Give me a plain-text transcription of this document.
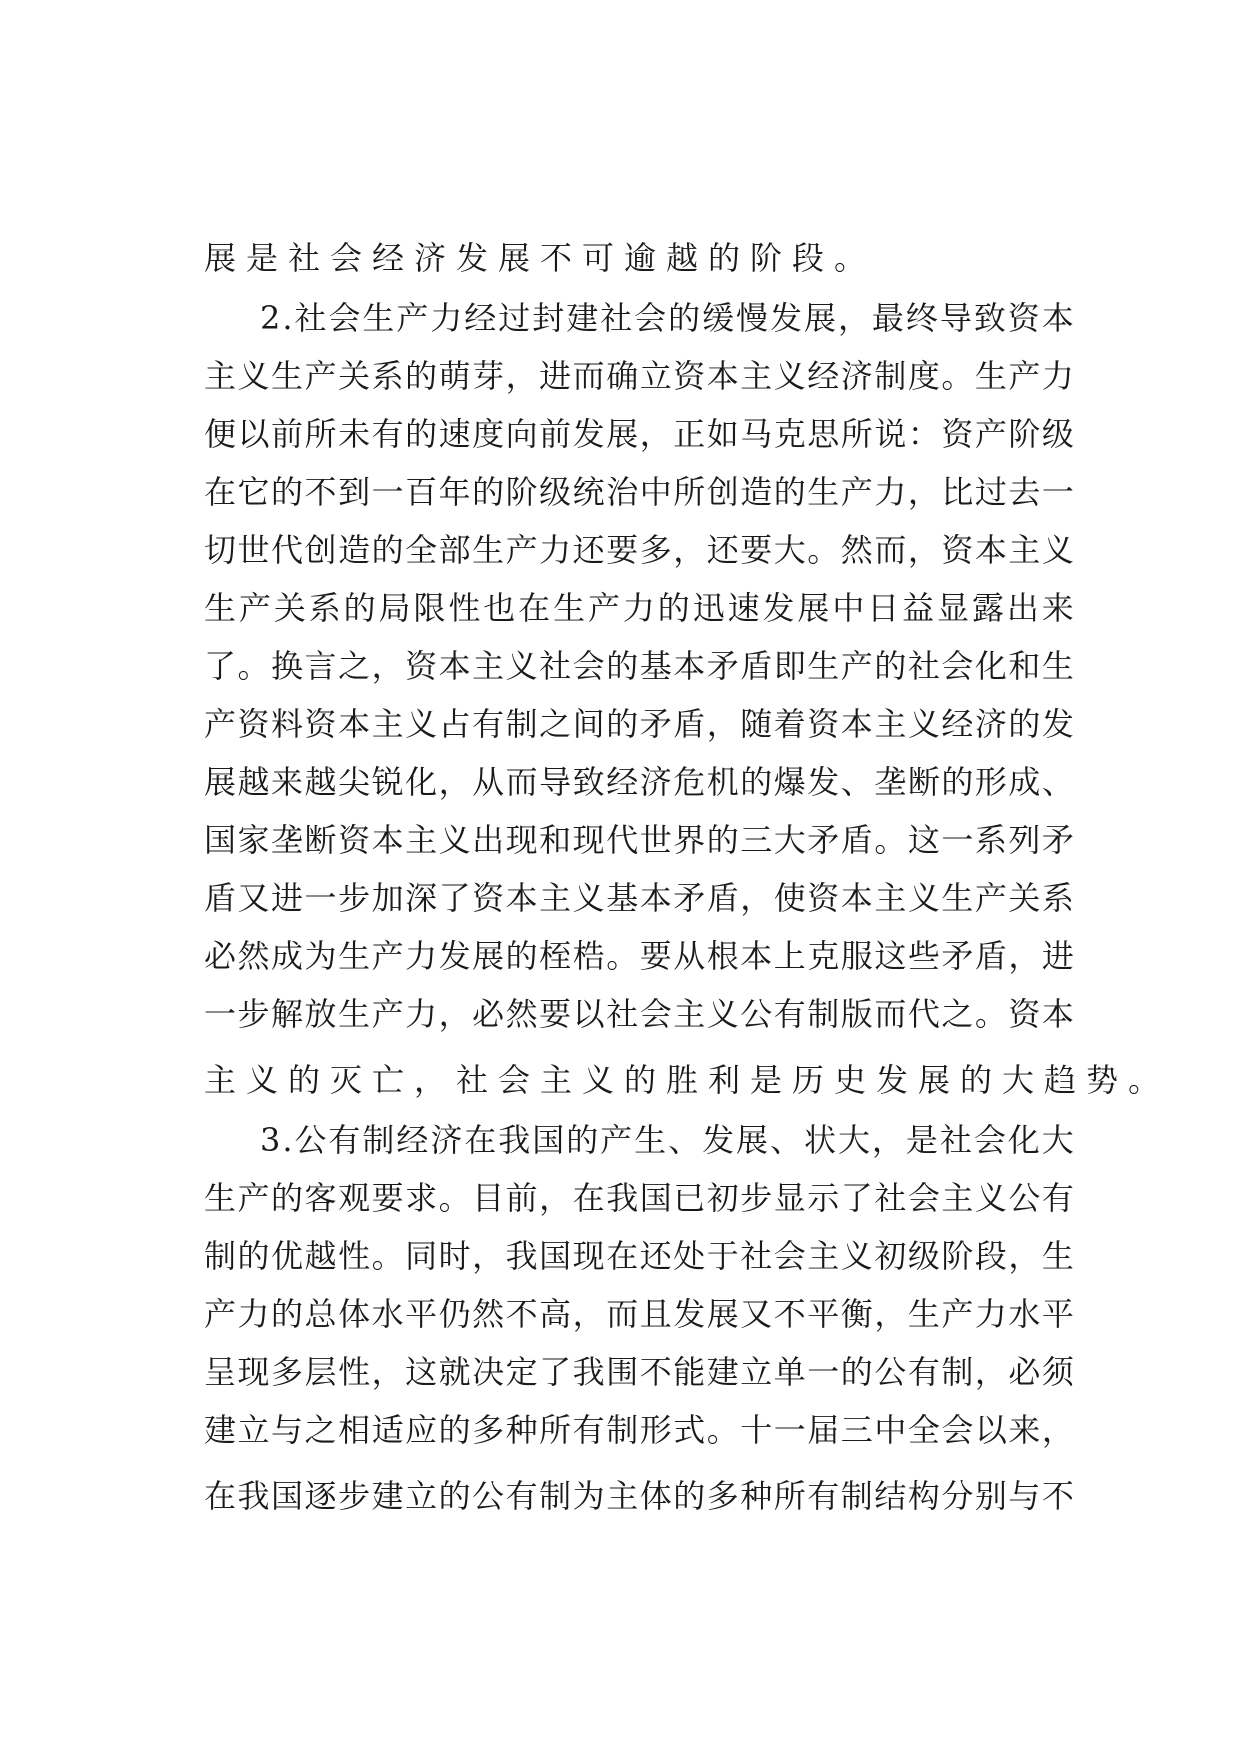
展是社会经济发展不可逾越的阶段。
2 . 社 会 生 产 力 经 过 封 建 社 会 的 缓 慢 发 展 ， 最 终 导 致 资 本
主 义 生 产 关 系 的 萌 芽 ， 进 而 确 立 资 本 主 义 经 济 制 度 。 生 产 力
便 以 前 所 未 有 的 速 度 向 前 发 展 ， 正 如 马 克 思 所 说 ： 资 产 阶 级
在 它 的 不 到 一 百 年 的 阶 级 统 治 中 所 创 造 的 生 产 力 ， 比 过 去 一
切 世 代 创 造 的 全 部 生 产 力 还 要 多 ， 还 要 大 。 然 而 ， 资 本 主 义
生 产 关 系 的 局 限 性 也 在 生 产 力 的 迅 速 发 展 中 日 益 显 露 出 来
了 。 换 言 之 ， 资 本 主 义 社 会 的 基 本 矛 盾 即 生 产 的 社 会 化 和 生
产 资 料 资 本 主 义 占 有 制 之 间 的 矛 盾 ， 随 着 资 本 主 义 经 济 的 发
展 越 来 越 尖 锐 化 ， 从 而 导 致 经 济 危 机 的 爆 发 、 垄 断 的 形 成 、
国 家 垄 断 资 本 主 义 出 现 和 现 代 世 界 的 三 大 矛 盾 。 这 一 系 列 矛
盾 又 进 一 步 加 深 了 资 本 主 义 基 本 矛 盾 ， 使 资 本 主 义 生 产 关 系
必 然 成 为 生 产 力 发 展 的 桎 梏 。 要 从 根 本 上 克 服 这 些 矛 盾 ， 进
一 步 解 放 生 产 力 ， 必 然 要 以 社 会 主 义 公 有 制 版 而 代 之 。 资 本
主义的灭亡，社会主义的胜利是历史发展的大趋势。
3 . 公 有 制 经 济 在 我 国 的 产 生 、 发 展 、 状 大 ， 是 社 会 化 大
生 产 的 客 观 要 求 。 目 前 ， 在 我 国 已 初 步 显 示 了 社 会 主 义 公 有
制 的 优 越 性 。 同 时 ， 我 国 现 在 还 处 于 社 会 主 义 初 级 阶 段 ， 生
产 力 的 总 体 水 平 仍 然 不 高 ， 而 且 发 展 又 不 平 衡 ， 生 产 力 水 平
呈 现 多 层 性 ， 这 就 决 定 了 我 围 不 能 建 立 单 一 的 公 有 制 ， 必 须
建 立 与 之 相 适 应 的 多 种 所 有 制 形 式 。 十 一 届 三 中 全 会 以 来 ，
在 我 国 逐 步 建 立 的 公 有 制 为 主 体 的 多 种 所 有 制 结 构 分 别 与 不
